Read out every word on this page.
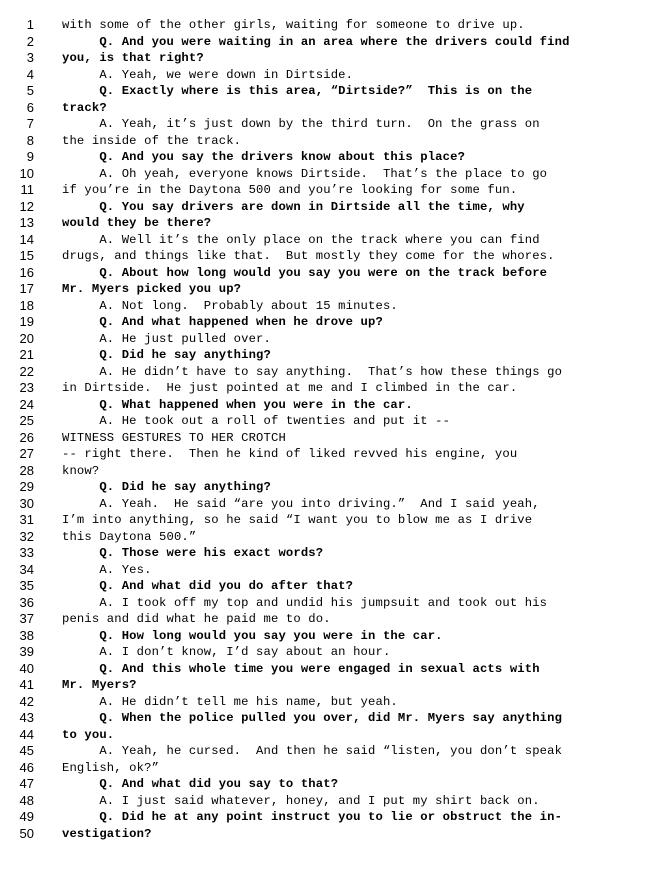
1 with some of the other girls, waiting for someone to drive up.
2 Q. And you were waiting in an area where the drivers could find
3 you, is that right?
4 A. Yeah, we were down in Dirtside.
5 Q. Exactly where is this area, “Dirtside?”  This is on the
6 track?
7 A. Yeah, it’s just down by the third turn.  On the grass on
8 the inside of the track.
9 Q. And you say the drivers know about this place?
10 A. Oh yeah, everyone knows Dirtside.  That’s the place to go
11 if you’re in the Daytona 500 and you’re looking for some fun.
12 Q. You say drivers are down in Dirtside all the time, why
13 would they be there?
14 A. Well it’s the only place on the track where you can find
15 drugs, and things like that.  But mostly they come for the whores.
16 Q. About how long would you say you were on the track before
17 Mr. Myers picked you up?
18 A. Not long.  Probably about 15 minutes.
19 Q. And what happened when he drove up?
20 A. He just pulled over.
21 Q. Did he say anything?
22 A. He didn’t have to say anything.  That’s how these things go
23 in Dirtside.  He just pointed at me and I climbed in the car.
24 Q. What happened when you were in the car.
25 A. He took out a roll of twenties and put it --
26 WITNESS GESTURES TO HER CROTCH
27 -- right there.  Then he kind of liked revved his engine, you
28 know?
29 Q. Did he say anything?
30 A. Yeah.  He said “are you into driving.”  And I said yeah,
31 I’m into anything, so he said “I want you to blow me as I drive
32 this Daytona 500.”
33 Q. Those were his exact words?
34 A. Yes.
35 Q. And what did you do after that?
36 A. I took off my top and undid his jumpsuit and took out his
37 penis and did what he paid me to do.
38 Q. How long would you say you were in the car.
39 A. I don’t know, I’d say about an hour.
40 Q. And this whole time you were engaged in sexual acts with
41 Mr. Myers?
42 A. He didn’t tell me his name, but yeah.
43 Q. When the police pulled you over, did Mr. Myers say anything
44 to you.
45 A. Yeah, he cursed.  And then he said “listen, you don’t speak
46 English, ok?”
47 Q. And what did you say to that?
48 A. I just said whatever, honey, and I put my shirt back on.
49 Q. Did he at any point instruct you to lie or obstruct the in-
50 vestigation?
